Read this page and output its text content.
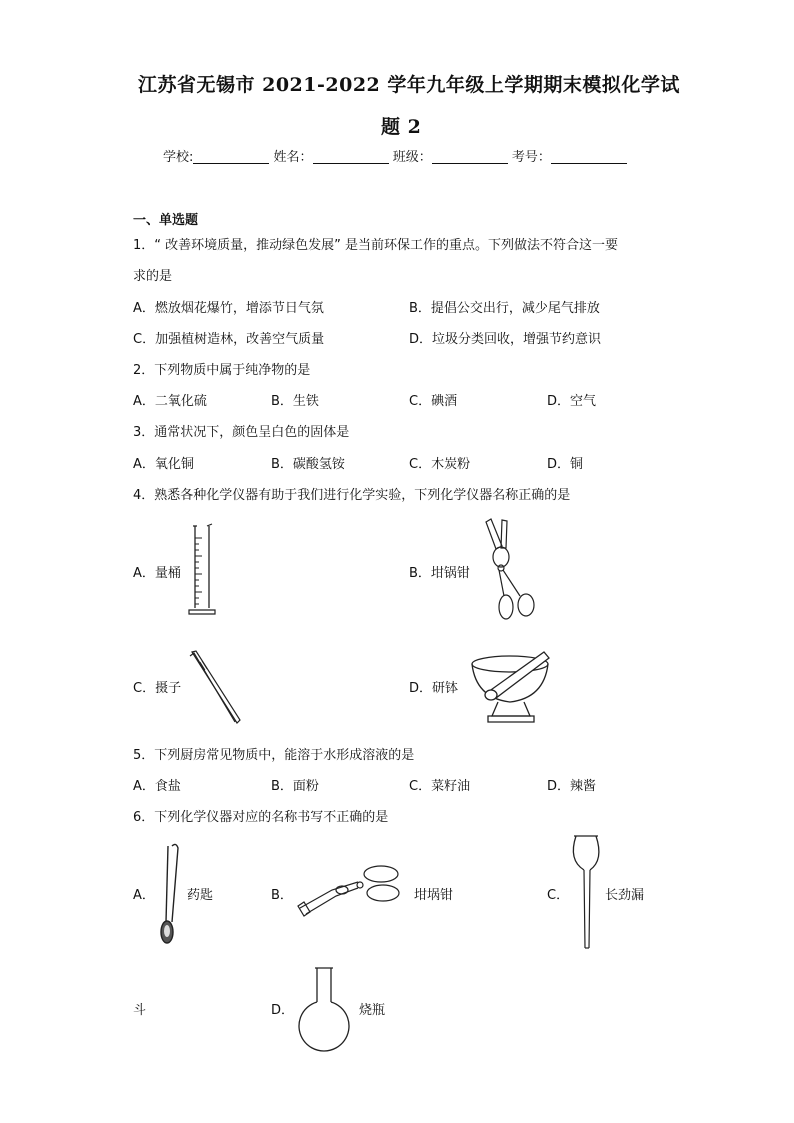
江苏省无锡市 2021-2022 学年九年级上学期期末模拟化学试
题 2
学校:	姓名：	班级：	考号：
一、单选题
1．“ 改善环境质量，推动绿色发展” 是当前环保工作的重点。下列做法不符合这一要
求的是
A．燃放烟花爆竹，增添节日气氛	B．提倡公交出行，减少尾气排放
C．加强植树造林，改善空气质量	D．垃圾分类回收，增强节约意识
2．下列物质中属于纯净物的是
A．二氧化硫	B．生铁	C．碘酒	D．空气
3．通常状况下，颜色呈白色的固体是
A．氧化铜	B．碳酸氢铵	C．木炭粉	D．铜
4．熟悉各种化学仪器有助于我们进行化学实验，下列化学仪器名称正确的是
A．量桶	B．坩锅钳
C．摄子	D．研钵
5．下列厨房常见物质中，能溶于水形成溶液的是
A．食盐	B．面粉	C．菜籽油	D．辣酱
6．下列化学仪器对应的名称书写不正确的是
A． 药匙	B．	坩埚钳	C．	长劲漏
斗	D．	烧瓶
